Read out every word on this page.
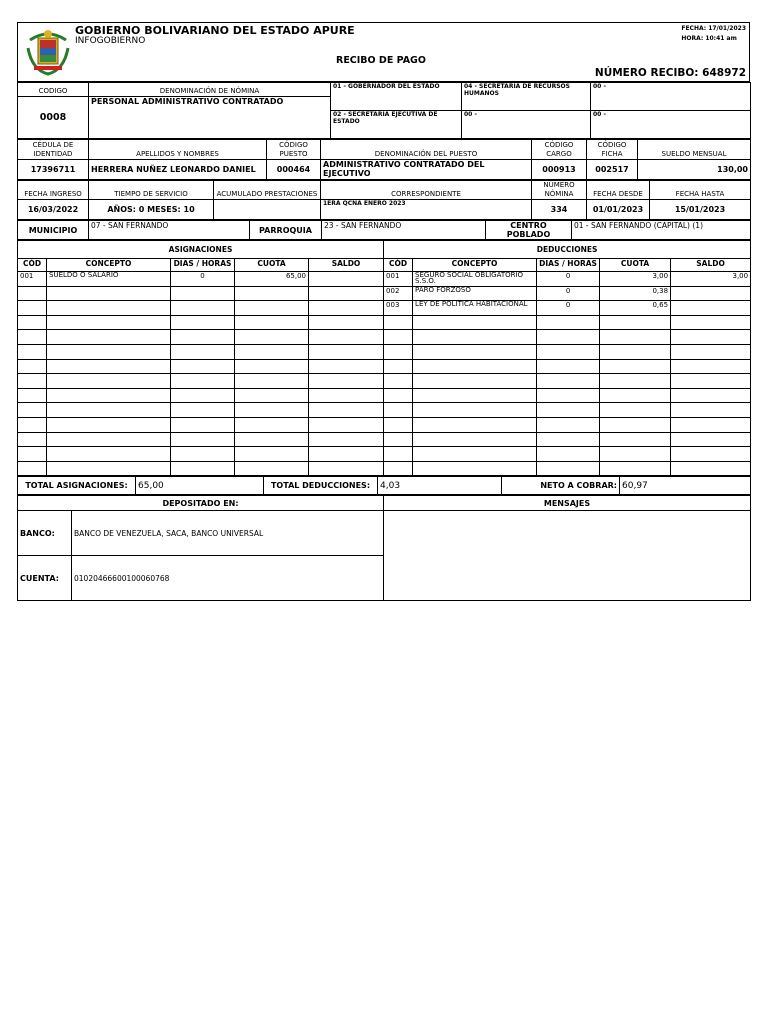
GOBIERNO BOLIVARIANO DEL ESTADO APURE
INFOGOBIERNO
RECIBO DE PAGO
FECHA: 17/01/2023
HORA: 10:41 am
NÚMERO RECIBO: 648972
CODIGO	DENOMINACIÓN DE NÓMINA	01 - GOBERNADOR DEL ESTADO	04 - SECRETARIA DE RECURSOS HUMANOS	00 -
0008	PERSONAL ADMINISTRATIVO CONTRATADO			
		02 - SECRETARIA EJECUTIVA DE ESTADO	00 -	00 -

CÉDULA DE IDENTIDAD	APELLIDOS Y NOMBRES	CÓDIGO PUESTO	DENOMINACIÓN DEL PUESTO	CÓDIGO CARGO	CÓDIGO FICHA	SUELDO MENSUAL
17396711	HERRERA NUÑEZ LEONARDO DANIEL	000464	ADMINISTRATIVO CONTRATADO DEL EJECUTIVO	000913	002517	130,00
FECHA INGRESO	TIEMPO DE SERVICIO	ACUMULADO PRESTACIONES	CORRESPONDIENTE	NÚMERO NÓMINA	FECHA DESDE	FECHA HASTA
16/03/2022	AÑOS: 0 MESES: 10		1ERA QCNA ENERO 2023	334	01/01/2023	15/01/2023
MUNICIPIO	07 - SAN FERNANDO	PARROQUIA	23 - SAN FERNANDO	CENTRO POBLADO	01 - SAN FERNANDO (CAPITAL) (1)
ASIGNACIONES					DEDUCCIONES				
CÓD	CONCEPTO	DIAS / HORAS	CUOTA	SALDO	CÓD	CONCEPTO	DIAS / HORAS	CUOTA	SALDO
001	SUELDO O SALARIO	0	65,00		001	SEGURO SOCIAL OBLIGATORIO S.S.O.	0	3,00	3,00
					002	PARO FORZOSO	0	0,38	
					003	LEY DE POLITICA HABITACIONAL	0	0,65	

TOTAL ASIGNACIONES:	65,00	TOTAL DEDUCCIONES:	4,03	NETO A COBRAR:	60,97
DEPOSITADO EN:		MENSAJES
BANCO:	BANCO DE VENEZUELA, SACA, BANCO UNIVERSAL	
CUENTA:	01020466600100060768	
